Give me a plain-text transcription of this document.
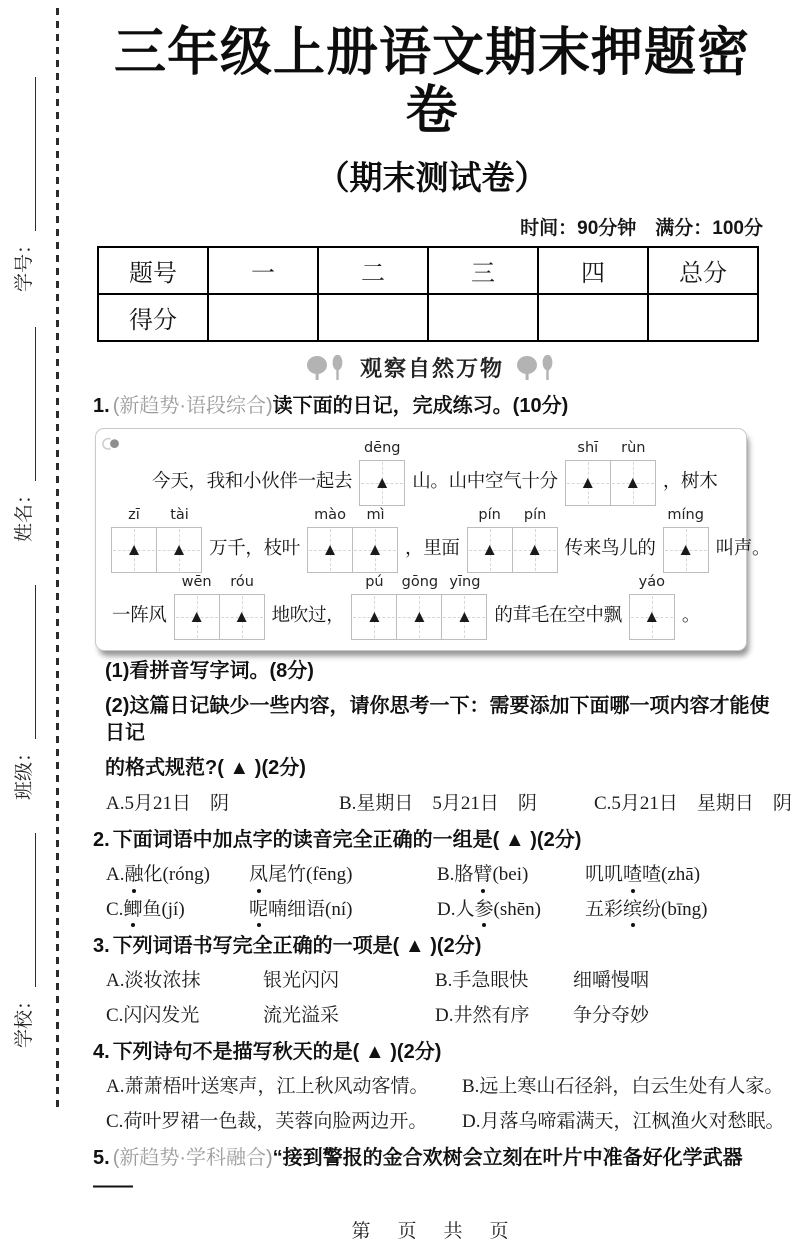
学号：
姓名：
班级：
学校：
三年级上册语文期末押题密卷
（期末测试卷）
时间：90分钟　满分：100分
题号	一	二	三	四	总分
得分					
观察自然万物
1. (新趋势·语段综合)读下面的日记，完成练习。(10分)
今天，我和小伙伴一起去
dēng
▲ 山。山中空气十分
shī
▲
rùn
▲ ，树木
zī
▲
tài
▲ 万千，枝叶
mào
▲
mì
▲ ，里面
pín
▲
pín
▲ 传来鸟儿的
míng
▲ 叫声。
一阵风
wēn
▲
róu
▲ 地吹过，
pú
▲
gōng
▲
yīng
▲ 的茸毛在空中飘
yáo
▲ 。
(1)看拼音写字词。(8分)
(2)这篇日记缺少一些内容，请你思考一下：需要添加下面哪一项内容才能使日记
的格式规范?( ▲ )(2分)
A.5月21日　阴	B.星期日　5月21日　阴	C.5月21日　星期日　阴
2. 下面词语中加点字的读音完全正确的一组是( ▲ )(2分)
A.融化(róng)	凤尾竹(fēng)	B.胳臂(bei)	叽叽喳喳(zhā)
C.鲫鱼(jí)	呢喃细语(ní)	D.人参(shēn)	五彩缤纷(bīng)
3. 下列词语书写完全正确的一项是( ▲ )(2分)
A.淡妆浓抹	银光闪闪	B.手急眼快	细嚼慢咽
C.闪闪发光	流光溢采	D.井然有序	争分夺妙
4. 下列诗句不是描写秋天的是( ▲ )(2分)
A.萧萧梧叶送寒声，江上秋风动客情。	B.远上寒山石径斜，白云生处有人家。
C.荷叶罗裙一色裁，芙蓉向脸两边开。	D.月落乌啼霜满天，江枫渔火对愁眠。
5. (新趋势·学科融合)“接到警报的金合欢树会立刻在叶片中准备好化学武器——
第　页　共　页
